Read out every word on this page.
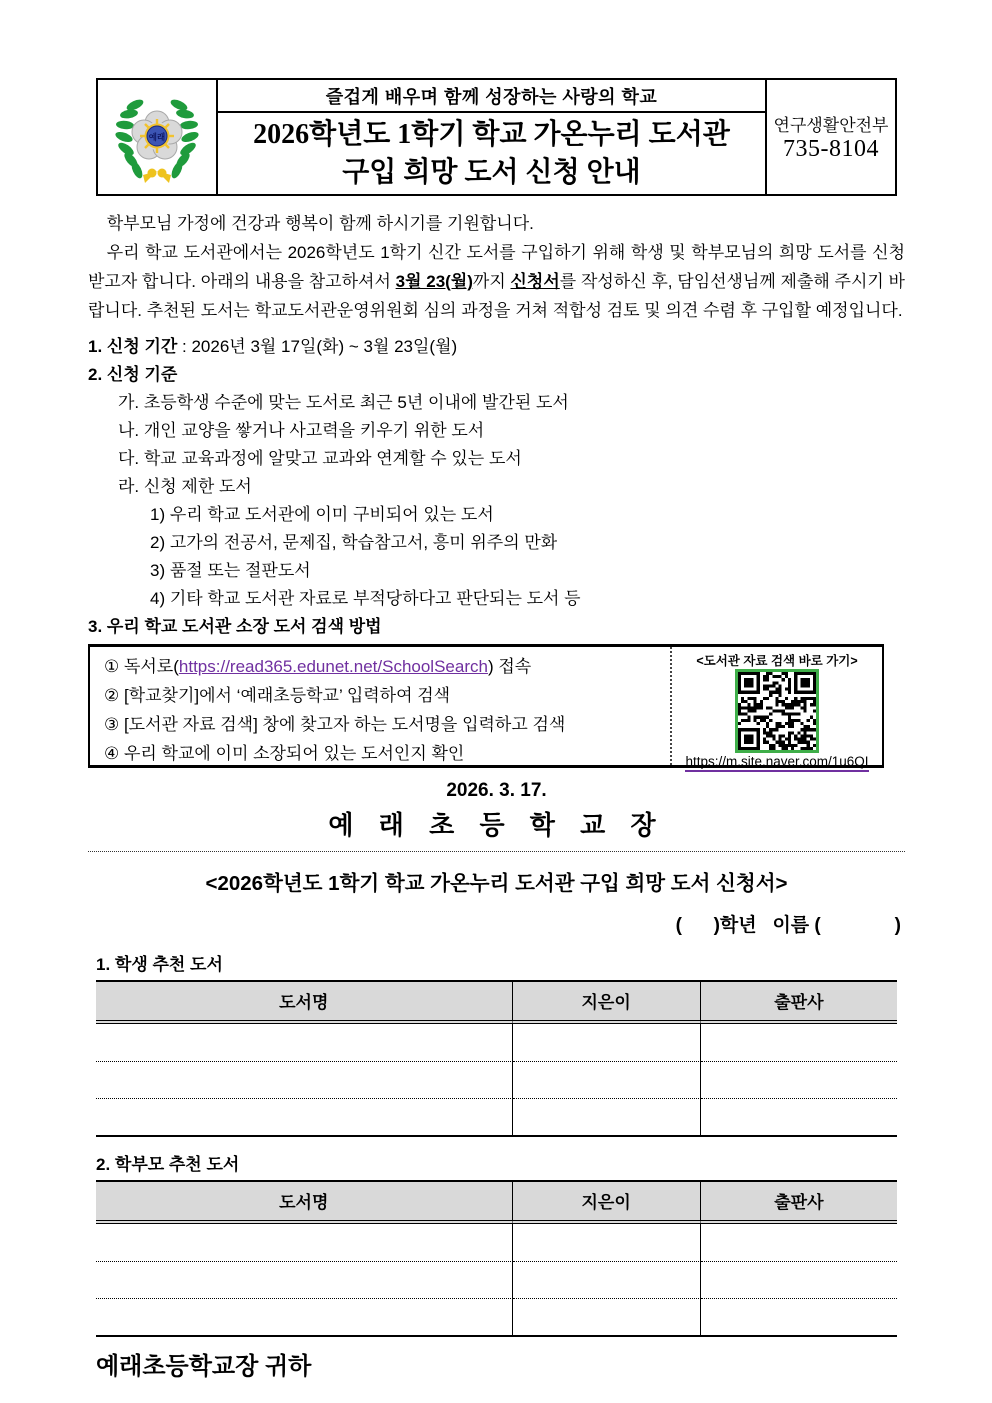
예래
즐겁게 배우며 함께 성장하는 사랑의 학교
2026학년도 1학기 학교 가온누리 도서관
구입 희망 도서 신청 안내
연구생활안전부
735-8104

학부모님 가정에 건강과 행복이 함께 하시기를 기원합니다.

우리 학교 도서관에서는 2026학년도 1학기 신간 도서를 구입하기 위해 학생 및 학부모님의 희망 도서를 신청받고자 합니다. 아래의 내용을 참고하셔서 3월 23(월)까지 신청서를 작성하신 후, 담임선생님께 제출해 주시기 바랍니다. 추천된 도서는 학교도서관운영위원회 심의 과정을 거쳐 적합성 검토 및 의견 수렴 후 구입할 예정입니다.

1. 신청 기간 : 2026년 3월 17일(화) ~ 3월 23일(월)
2. 신청 기준
가. 초등학생 수준에 맞는 도서로 최근 5년 이내에 발간된 도서
나. 개인 교양을 쌓거나 사고력을 키우기 위한 도서
다. 학교 교육과정에 알맞고 교과와 연계할 수 있는 도서
라. 신청 제한 도서
1) 우리 학교 도서관에 이미 구비되어 있는 도서
2) 고가의 전공서, 문제집, 학습참고서, 흥미 위주의 만화
3) 품절 또는 절판도서
4) 기타 학교 도서관 자료로 부적당하다고 판단되는 도서 등
3. 우리 학교 도서관 소장 도서 검색 방법
① 독서로(https://read365.edunet.net/SchoolSearch) 접속
② [학교찾기]에서 ‘예래초등학교’ 입력하여 검색
③ [도서관 자료 검색] 창에 찾고자 하는 도서명을 입력하고 검색
④ 우리 학교에 이미 소장되어 있는 도서인지 확인
<도서관 자료 검색 바로 가기>
https://m.site.naver.com/1u6QI
2026. 3. 17.
예 래 초 등 학 교 장
<2026학년도 1학기 학교 가온누리 도서관 구입 희망 도서 신청서>
(      )학년   이름 (              )
1. 학생 추천 도서
도서명	지은이	출판사
2. 학부모 추천 도서
도서명	지은이	출판사
예래초등학교장 귀하
